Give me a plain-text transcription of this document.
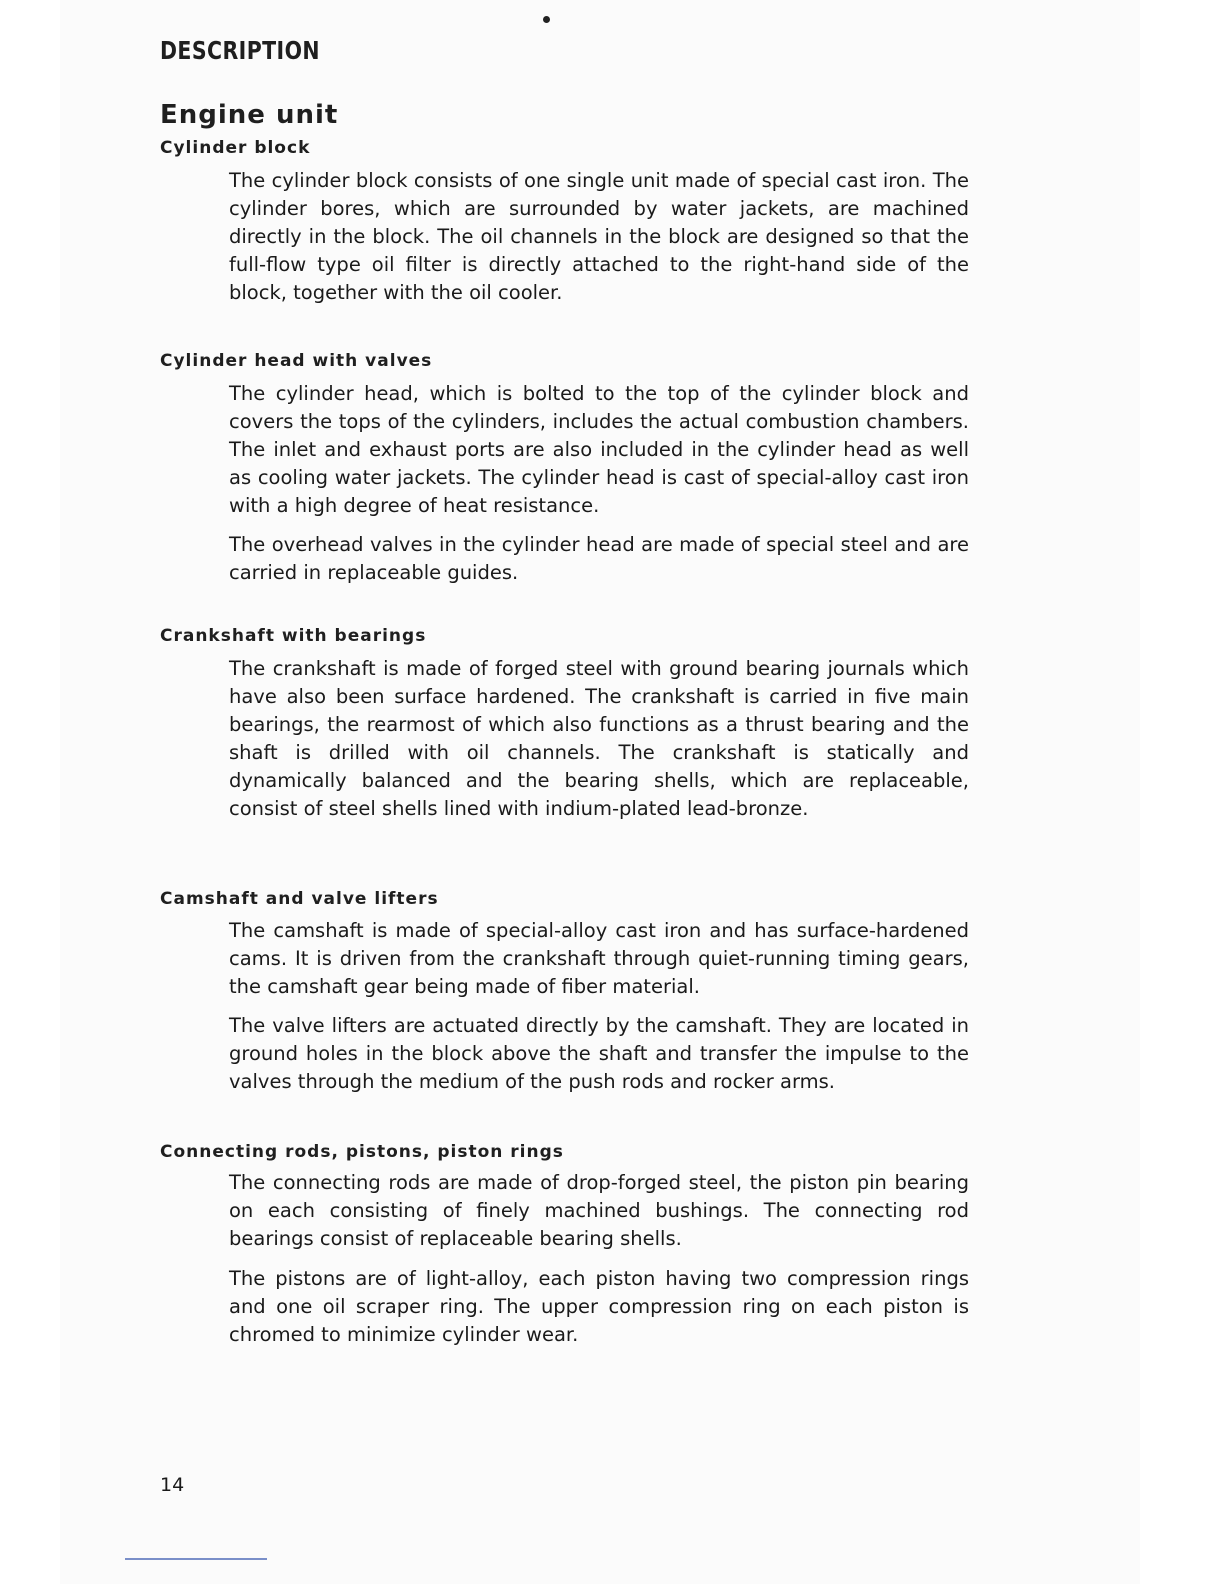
DESCRIPTION
Engine unit
Cylinder block

The cylinder block consists of one single unit made of special cast iron. The cylinder bores, which are surrounded by water jackets, are machined directly in the block. The oil channels in the block are designed so that the full-flow type oil filter is directly attached to the right-hand side of the block, together with the oil cooler.

Cylinder head with valves

The cylinder head, which is bolted to the top of the cylinder block and covers the tops of the cylinders, includes the actual combustion chambers. The inlet and exhaust ports are also included in the cylinder head as well as cooling water jackets. The cylinder head is cast of special-alloy cast iron with a high degree of heat resistance.

The overhead valves in the cylinder head are made of special steel and are carried in replaceable guides.

Crankshaft with bearings

The crankshaft is made of forged steel with ground bearing journals which have also been surface hardened. The crankshaft is carried in five main bearings, the rearmost of which also functions as a thrust bearing and the shaft is drilled with oil channels. The crankshaft is statically and dynamically balanced and the bearing shells, which are replaceable, consist of steel shells lined with indium-plated lead-bronze.

Camshaft and valve lifters

The camshaft is made of special-alloy cast iron and has surface-hardened cams. It is driven from the crankshaft through quiet-running timing gears, the camshaft gear being made of fiber material.

The valve lifters are actuated directly by the camshaft. They are located in ground holes in the block above the shaft and transfer the impulse to the valves through the medium of the push rods and rocker arms.

Connecting rods, pistons, piston rings

The connecting rods are made of drop-forged steel, the piston pin bearing on each consisting of finely machined bushings. The connecting rod bearings consist of replaceable bearing shells.

The pistons are of light-alloy, each piston having two compression rings and one oil scraper ring. The upper compression ring on each piston is chromed to minimize cylinder wear.

14
